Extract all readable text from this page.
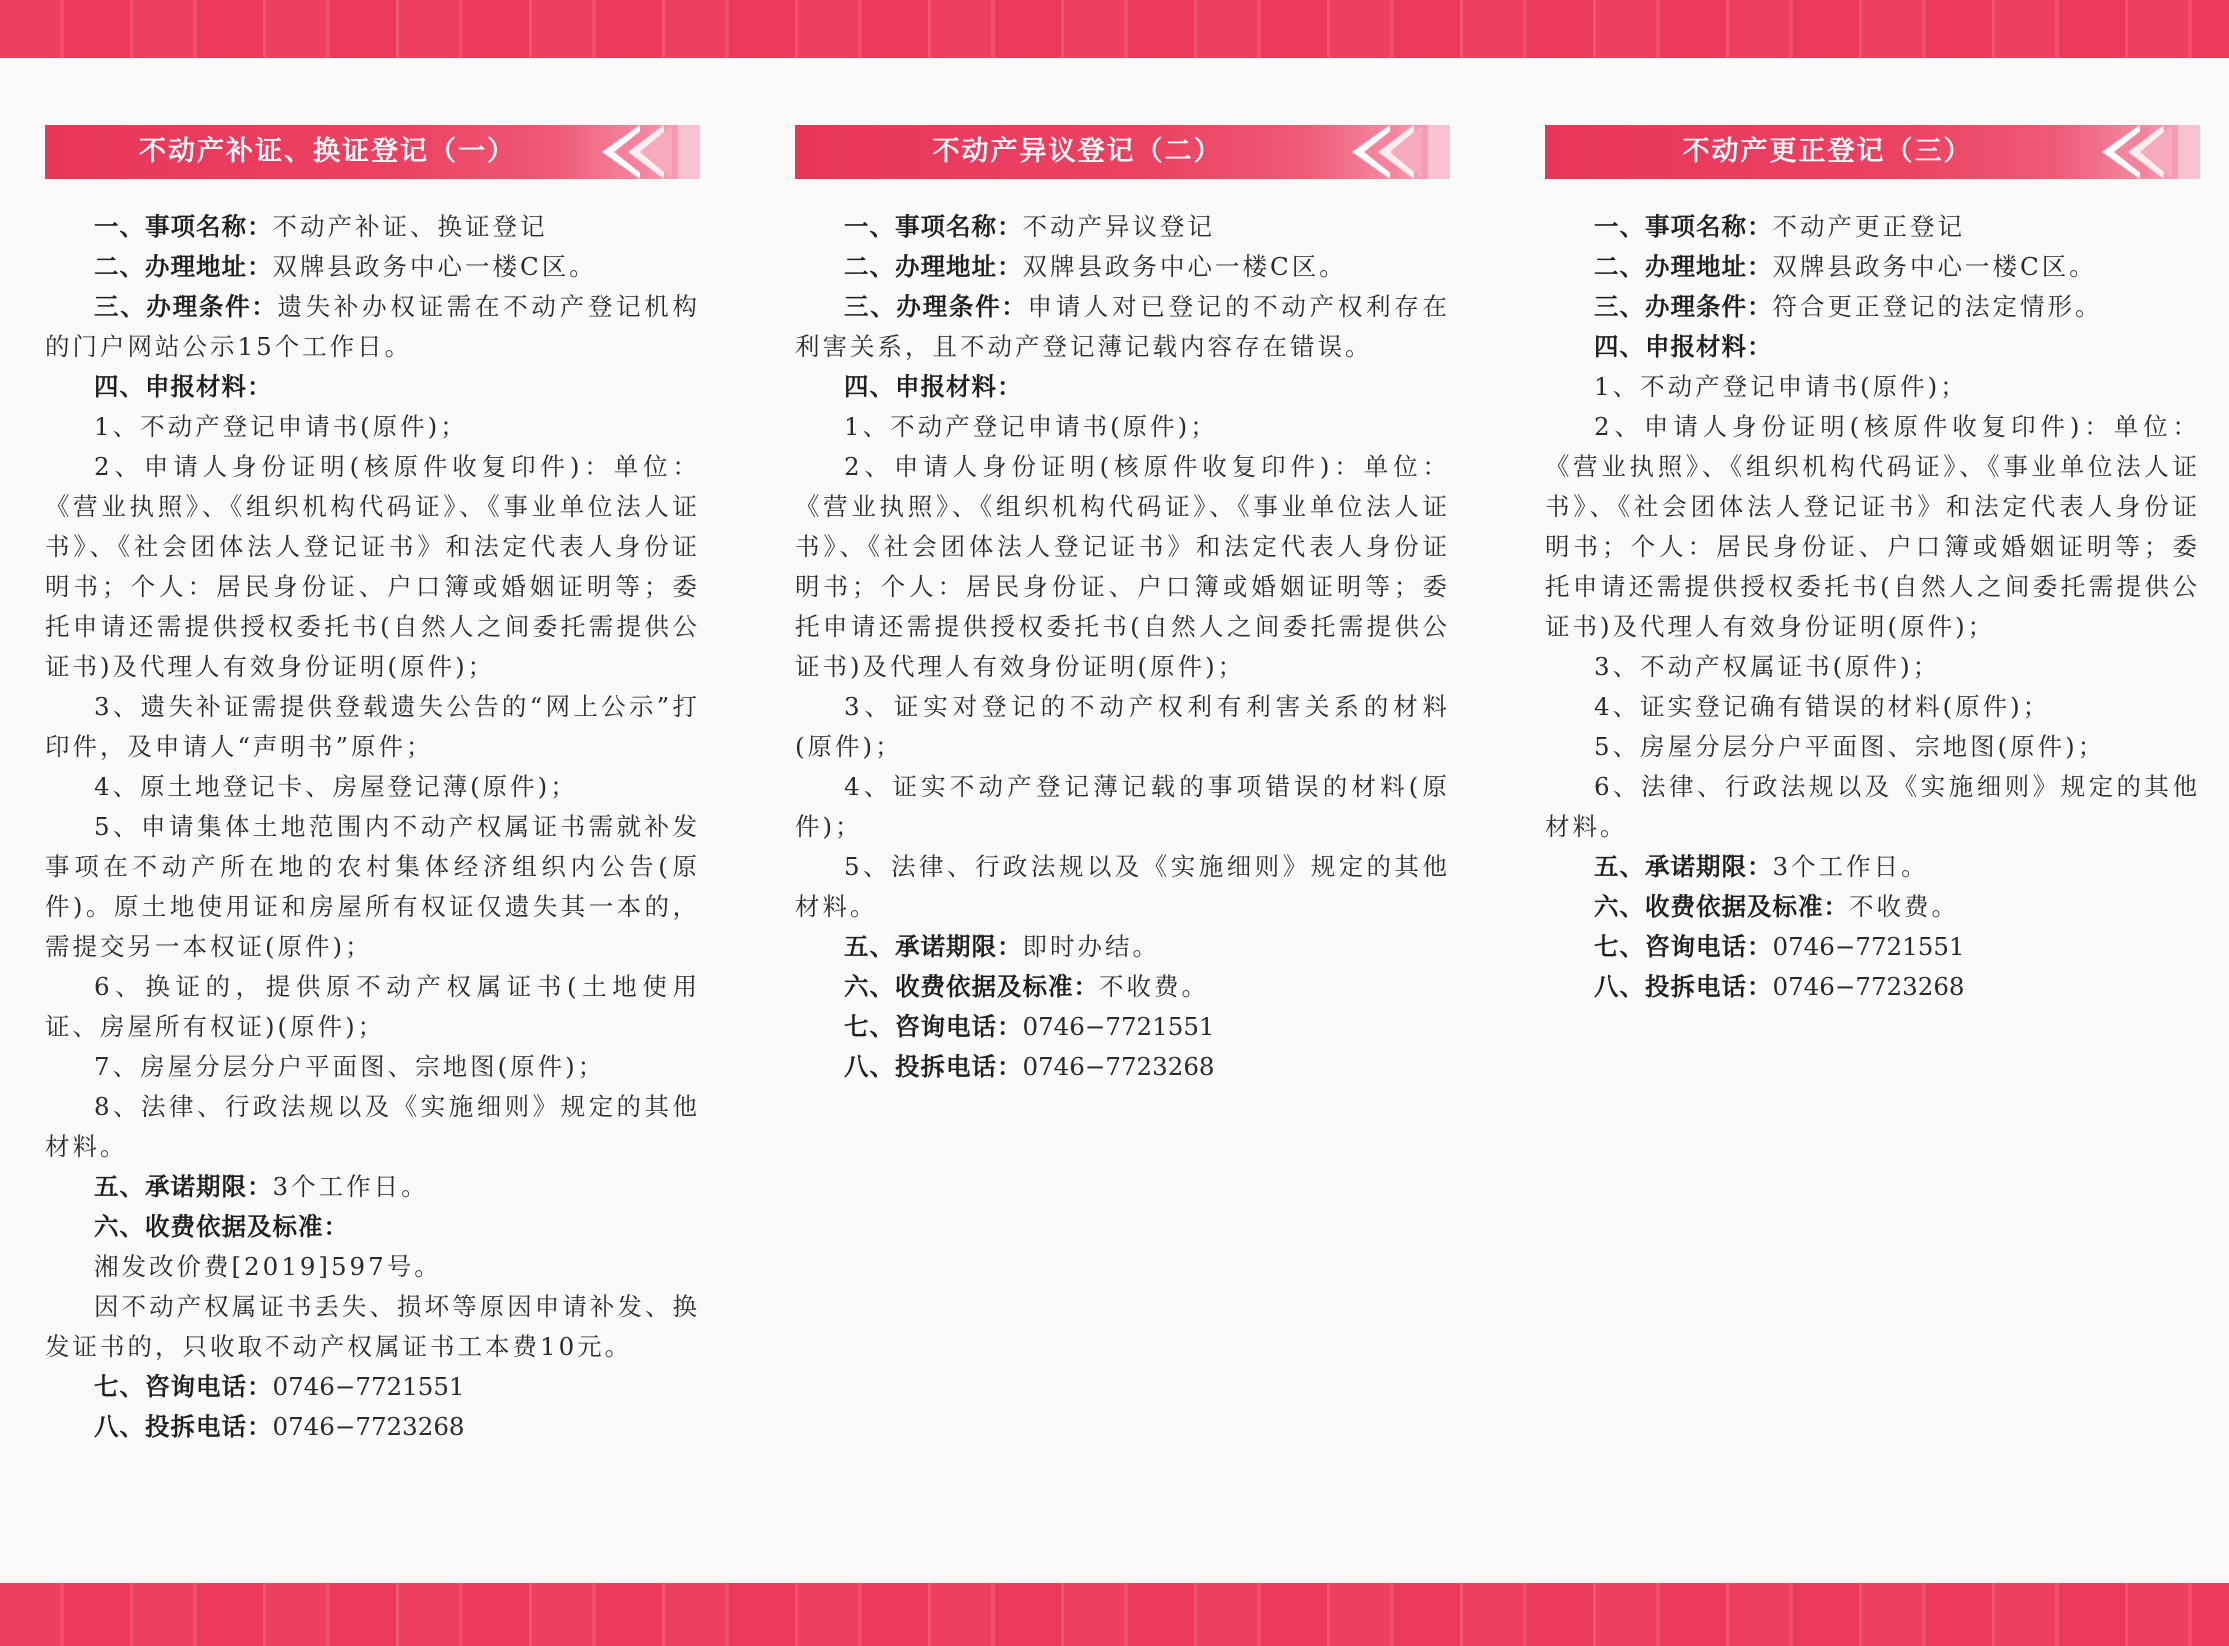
不动产补证、换证登记（一）

一、事项名称：不动产补证、换证登记

二、办理地址：双牌县政务中心一楼C区。

三、办理条件：遗失补办权证需在不动产登记机构的门户网站公示15个工作日。

四、申报材料：

1、不动产登记申请书(原件)；

2、申请人身份证明(核原件收复印件)：单位：《营业执照》、《组织机构代码证》、《事业单位法人证书》、《社会团体法人登记证书》和法定代表人身份证明书；个人：居民身份证、户口簿或婚姻证明等；委托申请还需提供授权委托书(自然人之间委托需提供公证书)及代理人有效身份证明(原件)；

3、遗失补证需提供登载遗失公告的“网上公示”打印件，及申请人“声明书”原件；

4、原土地登记卡、房屋登记薄(原件)；

5、申请集体土地范围内不动产权属证书需就补发事项在不动产所在地的农村集体经济组织内公告(原件)。原土地使用证和房屋所有权证仅遗失其一本的，需提交另一本权证(原件)；

6、换证的，提供原不动产权属证书(土地使用证、房屋所有权证)(原件)；

7、房屋分层分户平面图、宗地图(原件)；

8、法律、行政法规以及《实施细则》规定的其他材料。

五、承诺期限：3个工作日。

六、收费依据及标准：

湘发改价费[2019]597号。

因不动产权属证书丢失、损坏等原因申请补发、换发证书的，只收取不动产权属证书工本费10元。

七、咨询电话：0746−7721551

八、投拆电话：0746−7723268

不动产异议登记（二）

一、事项名称：不动产异议登记

二、办理地址：双牌县政务中心一楼C区。

三、办理条件：申请人对已登记的不动产权利存在利害关系，且不动产登记薄记载内容存在错误。

四、申报材料：

1、不动产登记申请书(原件)；

2、申请人身份证明(核原件收复印件)：单位：《营业执照》、《组织机构代码证》、《事业单位法人证书》、《社会团体法人登记证书》和法定代表人身份证明书；个人：居民身份证、户口簿或婚姻证明等；委托申请还需提供授权委托书(自然人之间委托需提供公证书)及代理人有效身份证明(原件)；

3、证实对登记的不动产权利有利害关系的材料(原件)；

4、证实不动产登记薄记载的事项错误的材料(原件)；

5、法律、行政法规以及《实施细则》规定的其他材料。

五、承诺期限：即时办结。

六、收费依据及标准：不收费。

七、咨询电话：0746−7721551

八、投拆电话：0746−7723268

不动产更正登记（三）

一、事项名称：不动产更正登记

二、办理地址：双牌县政务中心一楼C区。

三、办理条件：符合更正登记的法定情形。

四、申报材料：

1、不动产登记申请书(原件)；

2、申请人身份证明(核原件收复印件)：单位：《营业执照》、《组织机构代码证》、《事业单位法人证书》、《社会团体法人登记证书》和法定代表人身份证明书；个人：居民身份证、户口簿或婚姻证明等；委托申请还需提供授权委托书(自然人之间委托需提供公证书)及代理人有效身份证明(原件)；

3、不动产权属证书(原件)；

4、证实登记确有错误的材料(原件)；

5、房屋分层分户平面图、宗地图(原件)；

6、法律、行政法规以及《实施细则》规定的其他材料。

五、承诺期限：3个工作日。

六、收费依据及标准：不收费。

七、咨询电话：0746−7721551

八、投拆电话：0746−7723268
